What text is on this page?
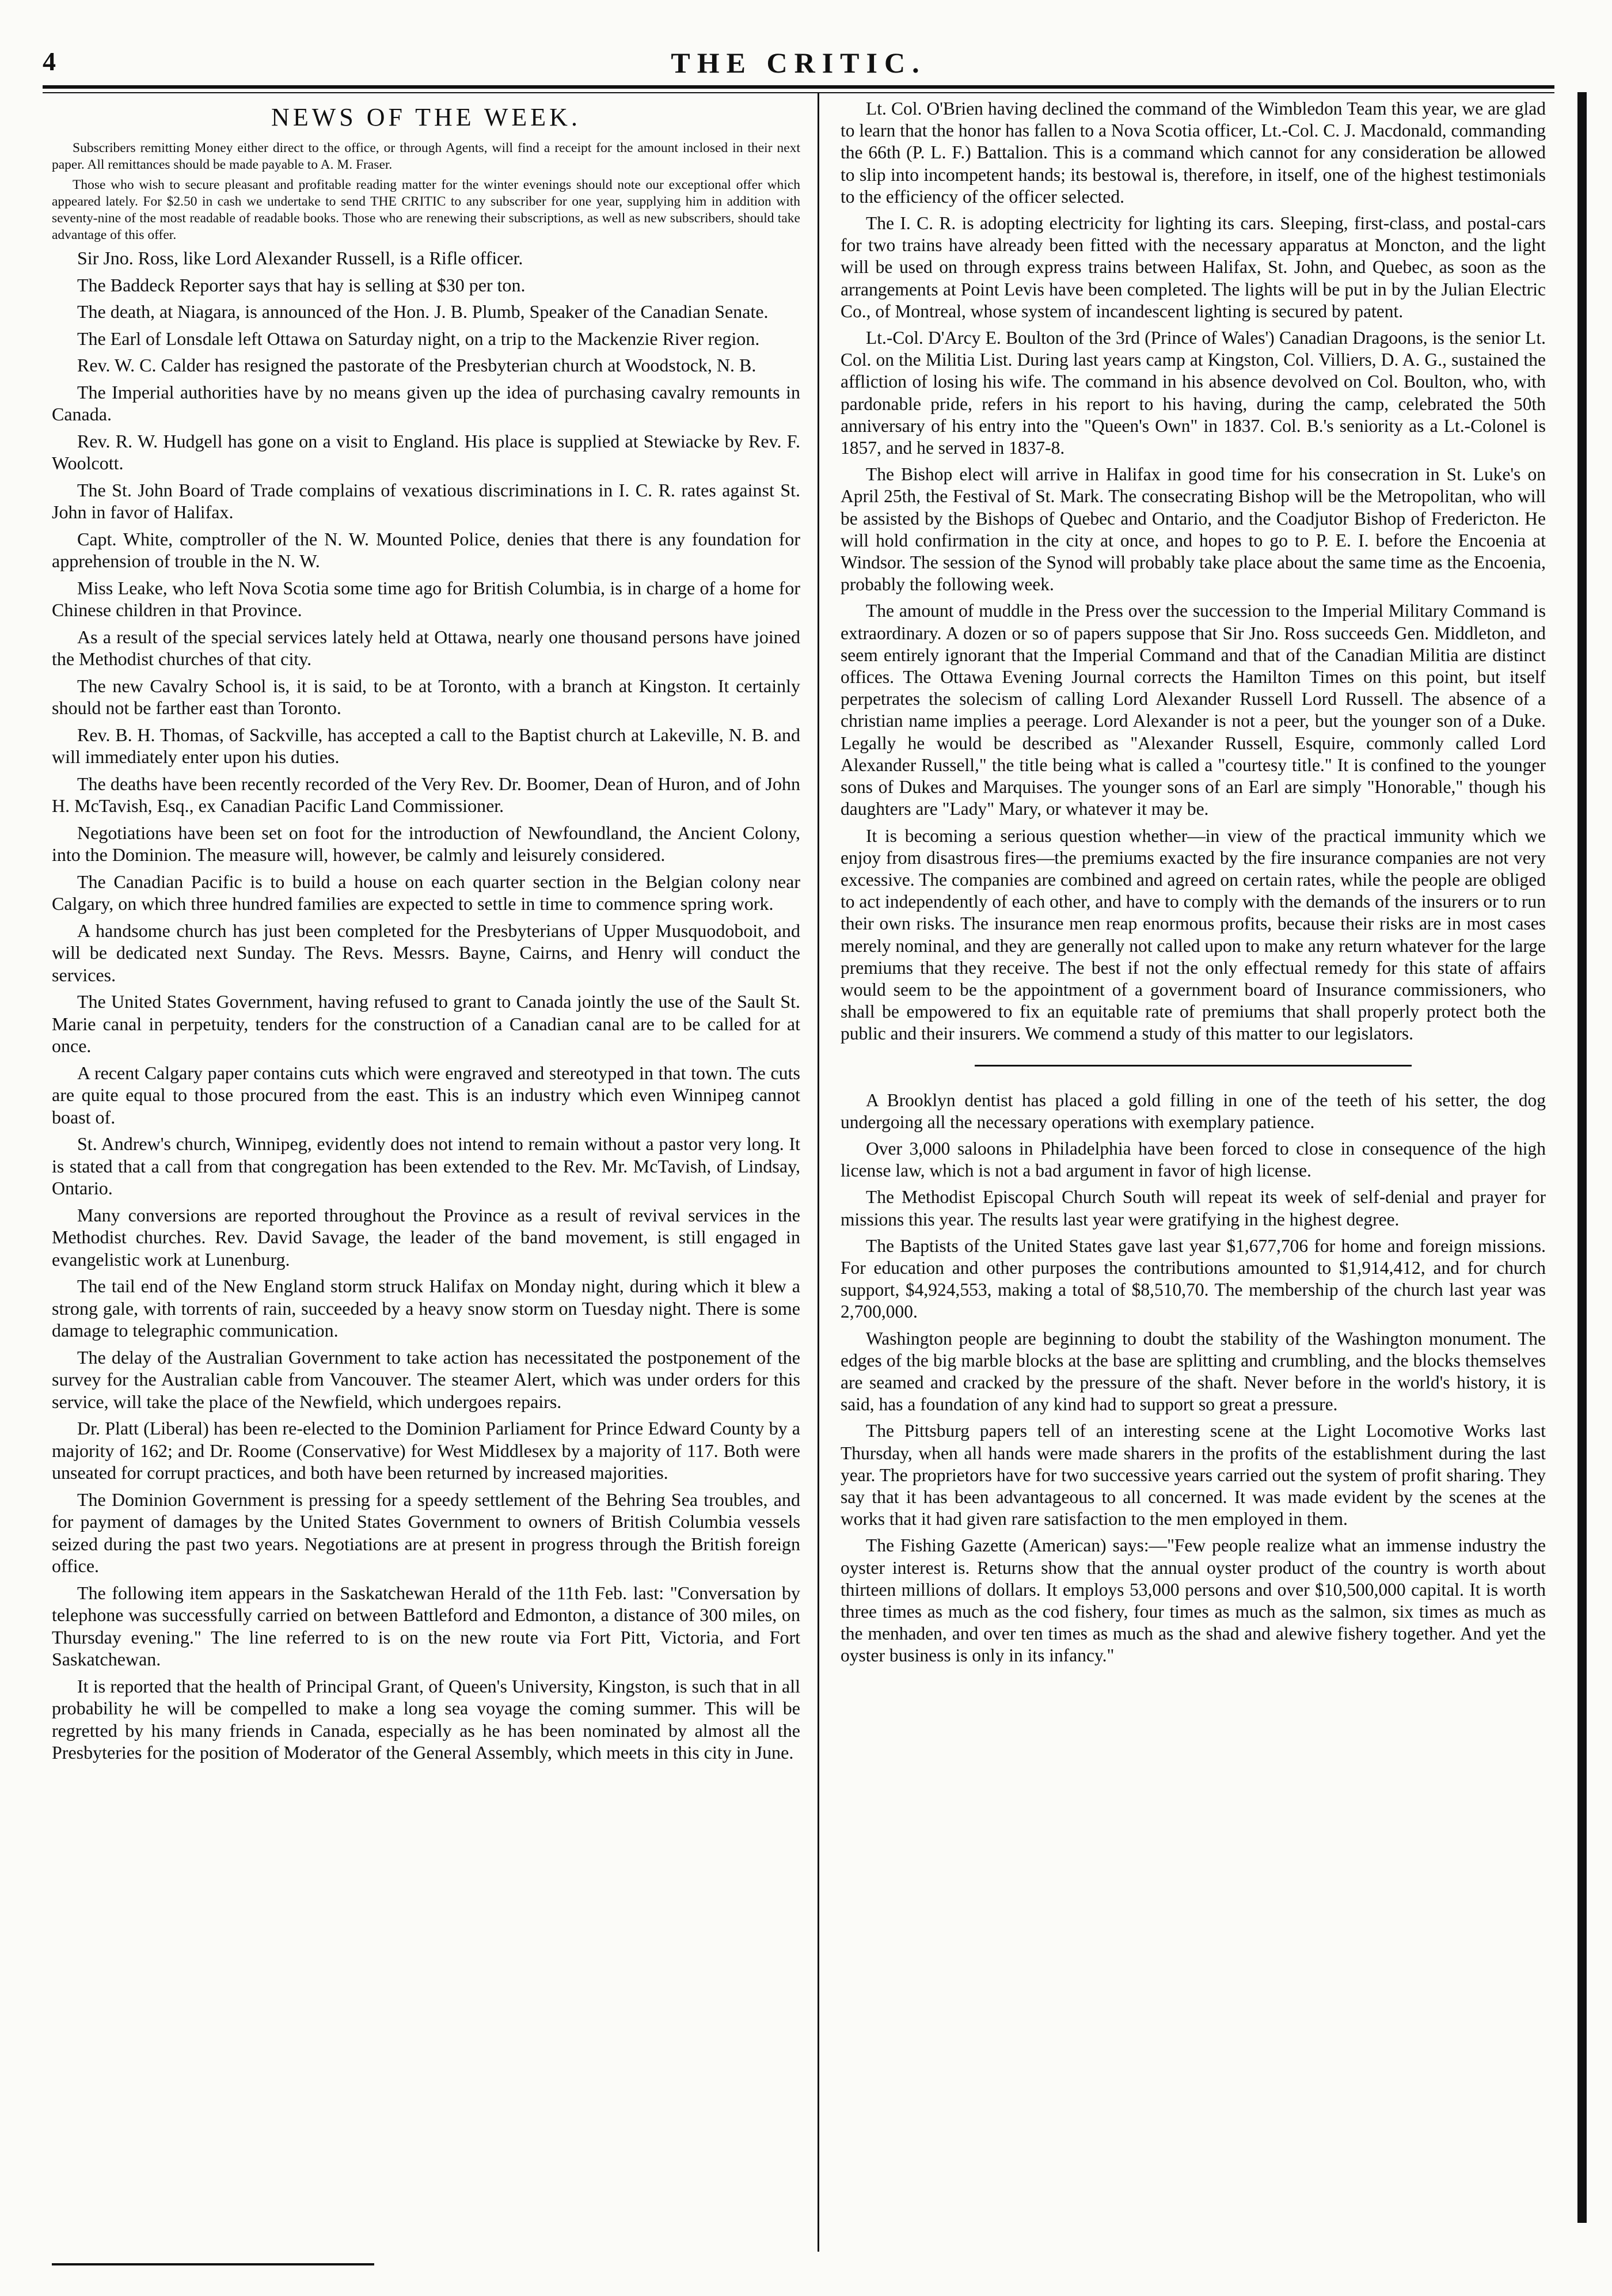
4	THE CRITIC.
NEWS OF THE WEEK.

Subscribers remitting Money either direct to the office, or through Agents, will find a receipt for the amount inclosed in their next paper. All remittances should be made payable to A. M. Fraser.

Those who wish to secure pleasant and profitable reading matter for the winter evenings should note our exceptional offer which appeared lately. For $2.50 in cash we undertake to send THE CRITIC to any subscriber for one year, supplying him in addition with seventy-nine of the most readable of readable books. Those who are renewing their subscriptions, as well as new subscribers, should take advantage of this offer.

Sir Jno. Ross, like Lord Alexander Russell, is a Rifle officer.

The Baddeck Reporter says that hay is selling at $30 per ton.

The death, at Niagara, is announced of the Hon. J. B. Plumb, Speaker of the Canadian Senate.

The Earl of Lonsdale left Ottawa on Saturday night, on a trip to the Mackenzie River region.

Rev. W. C. Calder has resigned the pastorate of the Presbyterian church at Woodstock, N. B.

The Imperial authorities have by no means given up the idea of purchasing cavalry remounts in Canada.

Rev. R. W. Hudgell has gone on a visit to England. His place is supplied at Stewiacke by Rev. F. Woolcott.

The St. John Board of Trade complains of vexatious discriminations in I. C. R. rates against St. John in favor of Halifax.

Capt. White, comptroller of the N. W. Mounted Police, denies that there is any foundation for apprehension of trouble in the N. W.

Miss Leake, who left Nova Scotia some time ago for British Columbia, is in charge of a home for Chinese children in that Province.

As a result of the special services lately held at Ottawa, nearly one thousand persons have joined the Methodist churches of that city.

The new Cavalry School is, it is said, to be at Toronto, with a branch at Kingston. It certainly should not be farther east than Toronto.

Rev. B. H. Thomas, of Sackville, has accepted a call to the Baptist church at Lakeville, N. B. and will immediately enter upon his duties.

The deaths have been recently recorded of the Very Rev. Dr. Boomer, Dean of Huron, and of John H. McTavish, Esq., ex Canadian Pacific Land Commissioner.

Negotiations have been set on foot for the introduction of Newfoundland, the Ancient Colony, into the Dominion. The measure will, however, be calmly and leisurely considered.

The Canadian Pacific is to build a house on each quarter section in the Belgian colony near Calgary, on which three hundred families are expected to settle in time to commence spring work.

A handsome church has just been completed for the Presbyterians of Upper Musquodoboit, and will be dedicated next Sunday. The Revs. Messrs. Bayne, Cairns, and Henry will conduct the services.

The United States Government, having refused to grant to Canada jointly the use of the Sault St. Marie canal in perpetuity, tenders for the construction of a Canadian canal are to be called for at once.

A recent Calgary paper contains cuts which were engraved and stereotyped in that town. The cuts are quite equal to those procured from the east. This is an industry which even Winnipeg cannot boast of.

St. Andrew's church, Winnipeg, evidently does not intend to remain without a pastor very long. It is stated that a call from that congregation has been extended to the Rev. Mr. McTavish, of Lindsay, Ontario.

Many conversions are reported throughout the Province as a result of revival services in the Methodist churches. Rev. David Savage, the leader of the band movement, is still engaged in evangelistic work at Lunenburg.

The tail end of the New England storm struck Halifax on Monday night, during which it blew a strong gale, with torrents of rain, succeeded by a heavy snow storm on Tuesday night. There is some damage to telegraphic communication.

The delay of the Australian Government to take action has necessitated the postponement of the survey for the Australian cable from Vancouver. The steamer Alert, which was under orders for this service, will take the place of the Newfield, which undergoes repairs.

Dr. Platt (Liberal) has been re-elected to the Dominion Parliament for Prince Edward County by a majority of 162; and Dr. Roome (Conservative) for West Middlesex by a majority of 117. Both were unseated for corrupt practices, and both have been returned by increased majorities.

The Dominion Government is pressing for a speedy settlement of the Behring Sea troubles, and for payment of damages by the United States Government to owners of British Columbia vessels seized during the past two years. Negotiations are at present in progress through the British foreign office.

The following item appears in the Saskatchewan Herald of the 11th Feb. last: "Conversation by telephone was successfully carried on between Battleford and Edmonton, a distance of 300 miles, on Thursday evening." The line referred to is on the new route via Fort Pitt, Victoria, and Fort Saskatchewan.

It is reported that the health of Principal Grant, of Queen's University, Kingston, is such that in all probability he will be compelled to make a long sea voyage the coming summer. This will be regretted by his many friends in Canada, especially as he has been nominated by almost all the Presbyteries for the position of Moderator of the General Assembly, which meets in this city in June.

Lt. Col. O'Brien having declined the command of the Wimbledon Team this year, we are glad to learn that the honor has fallen to a Nova Scotia officer, Lt.-Col. C. J. Macdonald, commanding the 66th (P. L. F.) Battalion. This is a command which cannot for any consideration be allowed to slip into incompetent hands; its bestowal is, therefore, in itself, one of the highest testimonials to the efficiency of the officer selected.

The I. C. R. is adopting electricity for lighting its cars. Sleeping, first-class, and postal-cars for two trains have already been fitted with the necessary apparatus at Moncton, and the light will be used on through express trains between Halifax, St. John, and Quebec, as soon as the arrangements at Point Levis have been completed. The lights will be put in by the Julian Electric Co., of Montreal, whose system of incandescent lighting is secured by patent.

Lt.-Col. D'Arcy E. Boulton of the 3rd (Prince of Wales') Canadian Dragoons, is the senior Lt. Col. on the Militia List. During last years camp at Kingston, Col. Villiers, D. A. G., sustained the affliction of losing his wife. The command in his absence devolved on Col. Boulton, who, with pardonable pride, refers in his report to his having, during the camp, celebrated the 50th anniversary of his entry into the "Queen's Own" in 1837. Col. B.'s seniority as a Lt.-Colonel is 1857, and he served in 1837-8.

The Bishop elect will arrive in Halifax in good time for his consecration in St. Luke's on April 25th, the Festival of St. Mark. The consecrating Bishop will be the Metropolitan, who will be assisted by the Bishops of Quebec and Ontario, and the Coadjutor Bishop of Fredericton. He will hold confirmation in the city at once, and hopes to go to P. E. I. before the Encoenia at Windsor. The session of the Synod will probably take place about the same time as the Encoenia, probably the following week.

The amount of muddle in the Press over the succession to the Imperial Military Command is extraordinary. A dozen or so of papers suppose that Sir Jno. Ross succeeds Gen. Middleton, and seem entirely ignorant that the Imperial Command and that of the Canadian Militia are distinct offices. The Ottawa Evening Journal corrects the Hamilton Times on this point, but itself perpetrates the solecism of calling Lord Alexander Russell Lord Russell. The absence of a christian name implies a peerage. Lord Alexander is not a peer, but the younger son of a Duke. Legally he would be described as "Alexander Russell, Esquire, commonly called Lord Alexander Russell," the title being what is called a "courtesy title." It is confined to the younger sons of Dukes and Marquises. The younger sons of an Earl are simply "Honorable," though his daughters are "Lady" Mary, or whatever it may be.

It is becoming a serious question whether—in view of the practical immunity which we enjoy from disastrous fires—the premiums exacted by the fire insurance companies are not very excessive. The companies are combined and agreed on certain rates, while the people are obliged to act independently of each other, and have to comply with the demands of the insurers or to run their own risks. The insurance men reap enormous profits, because their risks are in most cases merely nominal, and they are generally not called upon to make any return whatever for the large premiums that they receive. The best if not the only effectual remedy for this state of affairs would seem to be the appointment of a government board of Insurance commissioners, who shall be empowered to fix an equitable rate of premiums that shall properly protect both the public and their insurers. We commend a study of this matter to our legislators.

A Brooklyn dentist has placed a gold filling in one of the teeth of his setter, the dog undergoing all the necessary operations with exemplary patience.

Over 3,000 saloons in Philadelphia have been forced to close in consequence of the high license law, which is not a bad argument in favor of high license.

The Methodist Episcopal Church South will repeat its week of self-denial and prayer for missions this year. The results last year were gratifying in the highest degree.

The Baptists of the United States gave last year $1,677,706 for home and foreign missions. For education and other purposes the contributions amounted to $1,914,412, and for church support, $4,924,553, making a total of $8,510,70. The membership of the church last year was 2,700,000.

Washington people are beginning to doubt the stability of the Washington monument. The edges of the big marble blocks at the base are splitting and crumbling, and the blocks themselves are seamed and cracked by the pressure of the shaft. Never before in the world's history, it is said, has a foundation of any kind had to support so great a pressure.

The Pittsburg papers tell of an interesting scene at the Light Locomotive Works last Thursday, when all hands were made sharers in the profits of the establishment during the last year. The proprietors have for two successive years carried out the system of profit sharing. They say that it has been advantageous to all concerned. It was made evident by the scenes at the works that it had given rare satisfaction to the men employed in them.

The Fishing Gazette (American) says:—"Few people realize what an immense industry the oyster interest is. Returns show that the annual oyster product of the country is worth about thirteen millions of dollars. It employs 53,000 persons and over $10,500,000 capital. It is worth three times as much as the cod fishery, four times as much as the salmon, six times as much as the menhaden, and over ten times as much as the shad and alewive fishery together. And yet the oyster business is only in its infancy."
